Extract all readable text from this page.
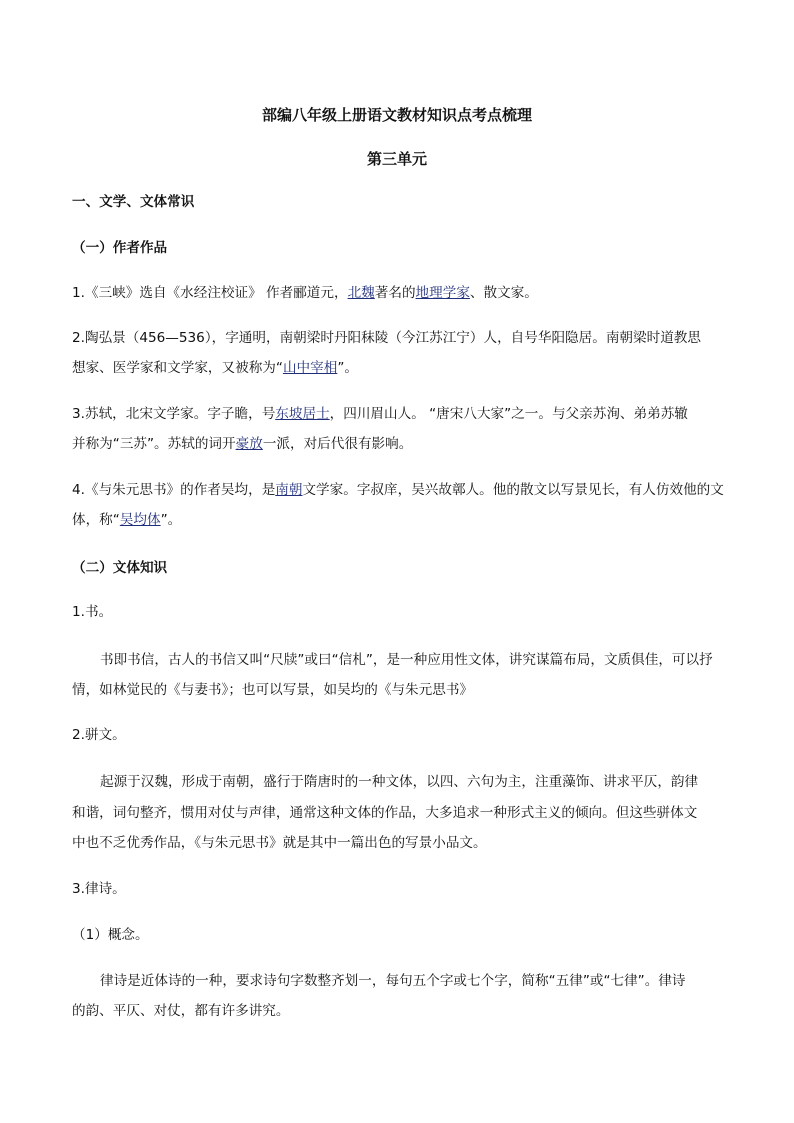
部编八年级上册语文教材知识点考点梳理
第三单元
一、文学、文体常识
（一）作者作品
1.《三峡》选自《水经注校证》 作者郦道元，北魏著名的地理学家、散文家。
2.陶弘景（456—536），字通明，南朝梁时丹阳秣陵（今江苏江宁）人，自号华阳隐居。南朝梁时道教思
想家、医学家和文学家，又被称为“山中宰相”。
3.苏轼，北宋文学家。字子瞻，号东坡居士，四川眉山人。 “唐宋八大家”之一。与父亲苏洵、弟弟苏辙
并称为“三苏”。苏轼的词开豪放一派，对后代很有影响。
4.《与朱元思书》的作者吴均，是南朝文学家。字叔庠，吴兴故鄣人。他的散文以写景见长，有人仿效他的文
体，称“吴均体”。
（二）文体知识
1.书。
书即书信，古人的书信又叫“尺牍”或曰“信札”，是一种应用性文体，讲究谋篇布局，文质俱佳，可以抒
情，如林觉民的《与妻书》；也可以写景，如吴均的《与朱元思书》
2.骈文。
起源于汉魏，形成于南朝，盛行于隋唐时的一种文体，以四、六句为主，注重藻饰、讲求平仄，韵律
和谐，词句整齐，惯用对仗与声律，通常这种文体的作品，大多追求一种形式主义的倾向。但这些骈体文
中也不乏优秀作品，《与朱元思书》就是其中一篇出色的写景小品文。
3.律诗。
（1）概念。
律诗是近体诗的一种，要求诗句字数整齐划一，每句五个字或七个字，简称“五律”或“七律”。律诗
的韵、平仄、对仗，都有许多讲究。
